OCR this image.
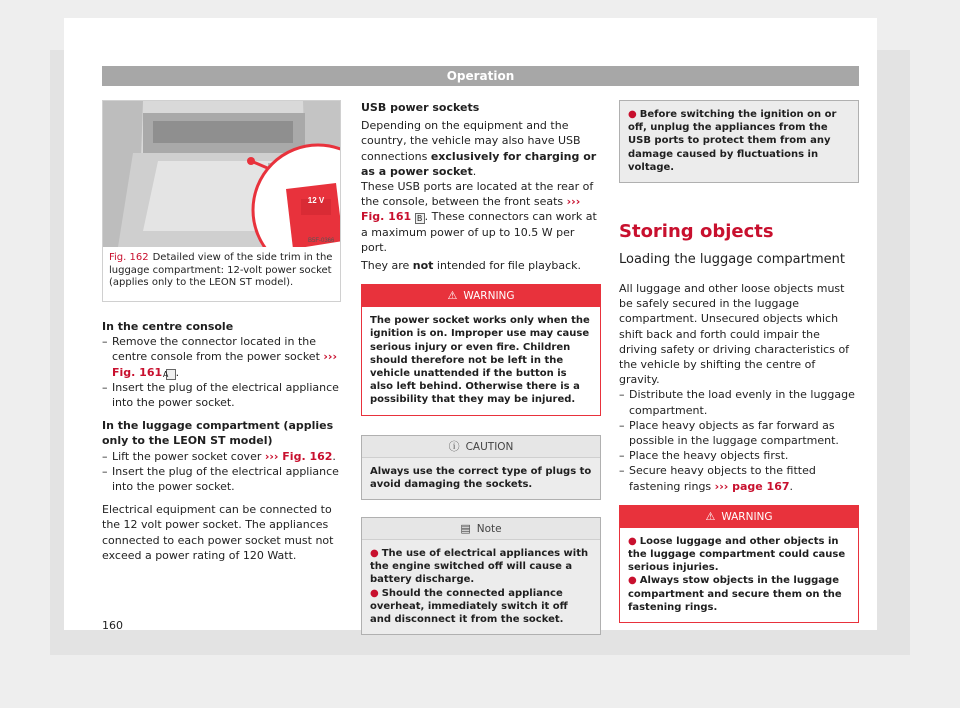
Operation
12 V
B5F-0366
Fig. 162 Detailed view of the side trim in the luggage compartment: 12-volt power socket (applies only to the LEON ST model).

In the centre console

– Remove the connector located in the centre console from the power socket ››› Fig. 161 A .

– Insert the plug of the electrical appliance into the power socket.

In the luggage compartment (applies only to the LEON ST model)

– Lift the power socket cover ››› Fig. 162.

– Insert the plug of the electrical appliance into the power socket.

Electrical equipment can be connected to the 12 volt power socket. The appliances connected to each power socket must not exceed a power rating of 120 Watt.

USB power sockets

Depending on the equipment and the country, the vehicle may also have USB connections exclusively for charging or as a power socket.

These USB ports are located at the rear of the console, between the front seats ››› Fig. 161 B . These connectors can work at a maximum power of up to 10.5 W per port.

They are not intended for file playback.

⚠ WARNING
The power socket works only when the ignition is on. Improper use may cause serious injury or even fire. Children should therefore not be left in the vehicle unattended if the button is also left behind. Otherwise there is a possibility that they may be injured.
ⓘ CAUTION
Always use the correct type of plugs to avoid damaging the sockets.
▤ Note

● The use of electrical appliances with the engine switched off will cause a battery discharge.

● Should the connected appliance overheat, immediately switch it off and disconnect it from the socket.

● Before switching the ignition on or off, unplug the appliances from the USB ports to protect them from any damage caused by fluctuations in voltage.

Storing objects

Loading the luggage compartment

All luggage and other loose objects must be safely secured in the luggage compartment. Unsecured objects which shift back and forth could impair the driving safety or driving characteristics of the vehicle by shifting the centre of gravity.

– Distribute the load evenly in the luggage compartment.

– Place heavy objects as far forward as possible in the luggage compartment.

– Place the heavy objects first.

– Secure heavy objects to the fitted fastening rings ››› page 167.

⚠ WARNING

● Loose luggage and other objects in the luggage compartment could cause serious injuries.

● Always stow objects in the luggage compartment and secure them on the fastening rings.

160
